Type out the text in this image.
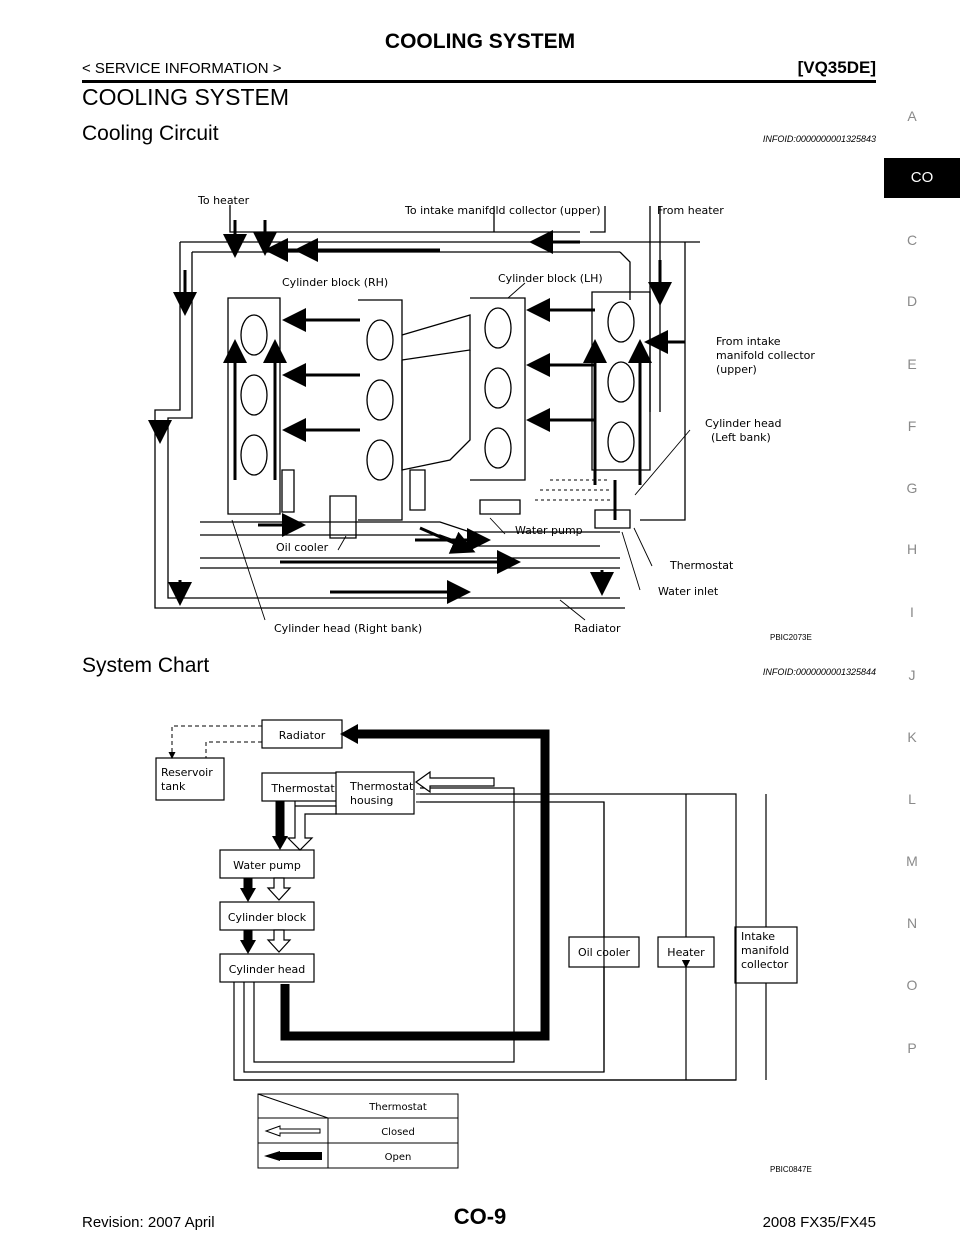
COOLING SYSTEM
< SERVICE INFORMATION >	[VQ35DE]
COOLING SYSTEM
Cooling Circuit	INFOID:0000000001325843
To heater
To intake manifold collector (upper)	From heater
Cylinder block (RH)	Cylinder block (LH)
From intake
manifold collector
(upper)
Cylinder head
(Left bank)
Water pump
Oil cooler
Thermostat
Water inlet
Cylinder head (Right bank)	Radiator
PBIC2073E
System Chart	INFOID:0000000001325844
Radiator
Reservoir
tank	Thermostat Thermostat
housing
Water pump
Cylinder block
Cylinder head
Oil cooler	Heater
Intake
manifold
collector
Thermostat
Closed
Open
PBIC0847E
A
CO
C
D
E
F
G
H
I
J
K
L
M
N
O
P
Revision: 2007 April	CO-9	2008 FX35/FX45
